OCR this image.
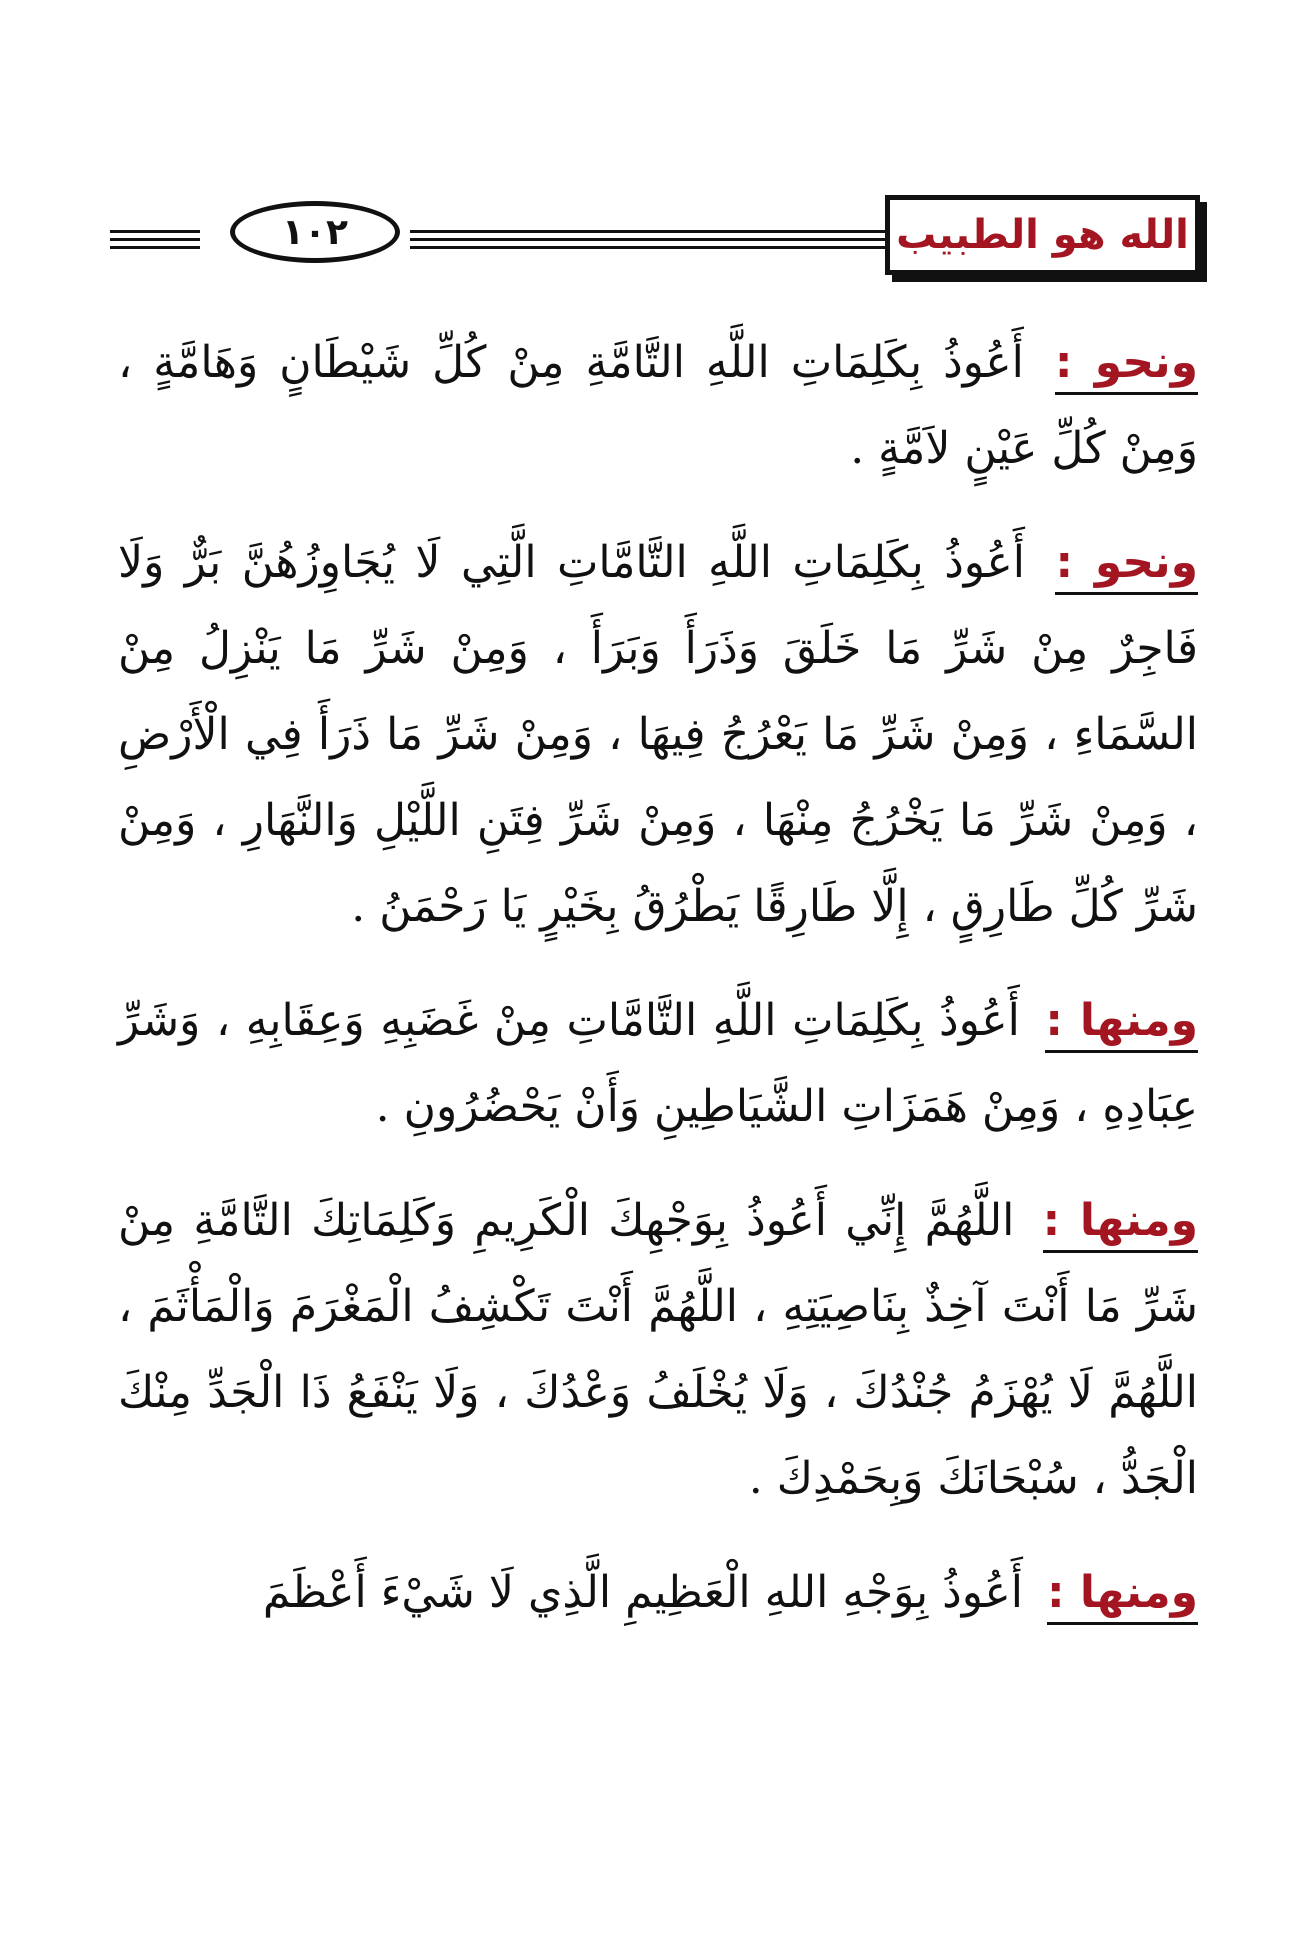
الله هو الطبيب
١٠٢

ونحو : أَعُوذُ بِكَلِمَاتِ اللَّهِ التَّامَّةِ مِنْ كُلِّ شَيْطَانٍ وَهَامَّةٍ ، وَمِنْ كُلِّ عَيْنٍ لاَمَّةٍ .

ونحو : أَعُوذُ بِكَلِمَاتِ اللَّهِ التَّامَّاتِ الَّتِي لَا يُجَاوِزُهُنَّ بَرٌّ وَلَا فَاجِرٌ مِنْ شَرِّ مَا خَلَقَ وَذَرَأَ وَبَرَأَ ، وَمِنْ شَرِّ مَا يَنْزِلُ مِنْ السَّمَاءِ ، وَمِنْ شَرِّ مَا يَعْرُجُ فِيهَا ، وَمِنْ شَرِّ مَا ذَرَأَ فِي الْأَرْضِ ، وَمِنْ شَرِّ مَا يَخْرُجُ مِنْهَا ، وَمِنْ شَرِّ فِتَنِ اللَّيْلِ وَالنَّهَارِ ، وَمِنْ شَرِّ كُلِّ طَارِقٍ ، إِلَّا طَارِقًا يَطْرُقُ بِخَيْرٍ يَا رَحْمَنُ .

ومنها : أَعُوذُ بِكَلِمَاتِ اللَّهِ التَّامَّاتِ مِنْ غَضَبِهِ وَعِقَابِهِ ، وَشَرِّ عِبَادِهِ ، وَمِنْ هَمَزَاتِ الشَّيَاطِينِ وَأَنْ يَحْضُرُونِ .

ومنها : اللَّهُمَّ إِنِّي أَعُوذُ بِوَجْهِكَ الْكَرِيمِ وَكَلِمَاتِكَ التَّامَّةِ مِنْ شَرِّ مَا أَنْتَ آخِذٌ بِنَاصِيَتِهِ ، اللَّهُمَّ أَنْتَ تَكْشِفُ الْمَغْرَمَ وَالْمَأْثَمَ ، اللَّهُمَّ لَا يُهْزَمُ جُنْدُكَ ، وَلَا يُخْلَفُ وَعْدُكَ ، وَلَا يَنْفَعُ ذَا الْجَدِّ مِنْكَ الْجَدُّ ، سُبْحَانَكَ وَبِحَمْدِكَ .

ومنها : أَعُوذُ بِوَجْهِ اللهِ الْعَظِيمِ الَّذِي لَا شَيْءَ أَعْظَمَ
